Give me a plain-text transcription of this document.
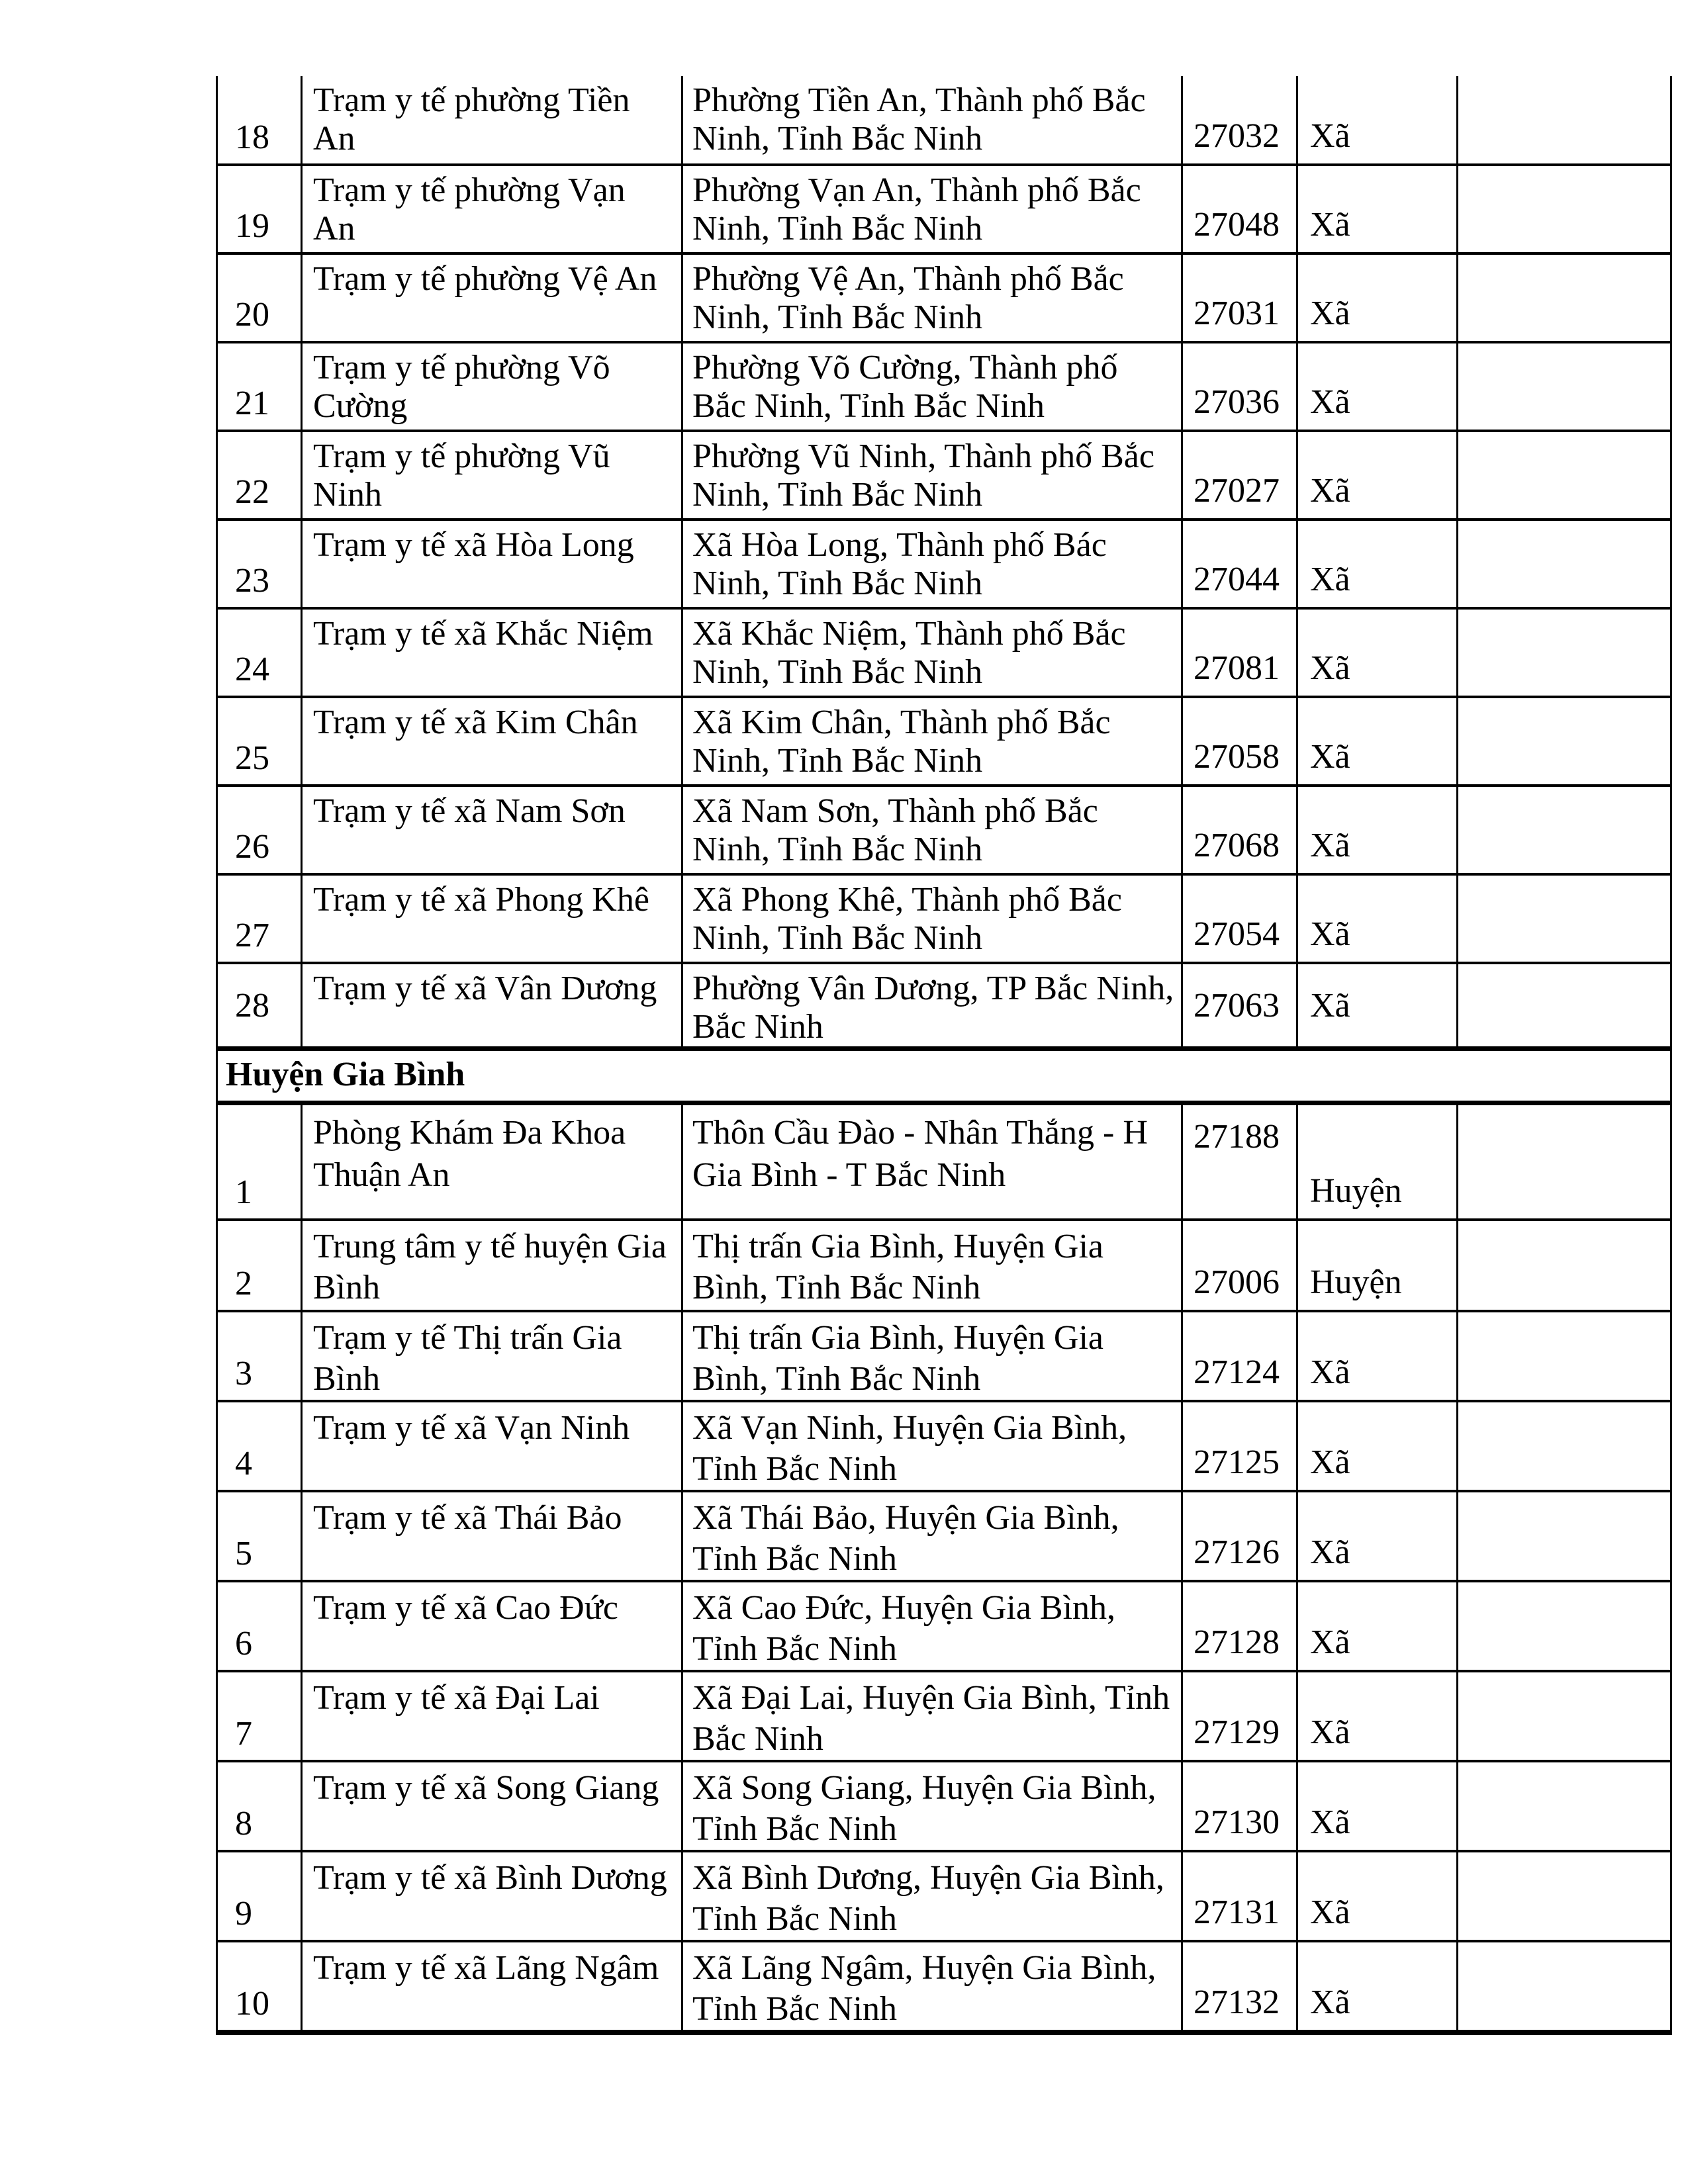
18	Trạm y tế phường Tiền An	Phường Tiền An, Thành phố Bắc Ninh, Tỉnh Bắc Ninh	27032	Xã	
19	Trạm y tế phường Vạn An	Phường Vạn An, Thành phố Bắc Ninh, Tỉnh Bắc Ninh	27048	Xã	
20	Trạm y tế phường Vệ An	Phường Vệ An, Thành phố Bắc Ninh, Tỉnh Bắc Ninh	27031	Xã	
21	Trạm y tế phường Võ Cường	Phường Võ Cường, Thành phố Bắc Ninh, Tỉnh Bắc Ninh	27036	Xã	
22	Trạm y tế phường Vũ Ninh	Phường Vũ Ninh, Thành phố Bắc Ninh, Tỉnh Bắc Ninh	27027	Xã	
23	Trạm y tế xã Hòa Long	Xã Hòa Long, Thành phố Bác Ninh, Tỉnh Bắc Ninh	27044	Xã	
24	Trạm y tế xã Khắc Niệm	Xã Khắc Niệm, Thành phố Bắc Ninh, Tỉnh Bắc Ninh	27081	Xã	
25	Trạm y tế xã Kim Chân	Xã Kim Chân, Thành phố Bắc Ninh, Tỉnh Bắc Ninh	27058	Xã	
26	Trạm y tế xã Nam Sơn	Xã Nam Sơn, Thành phố Bắc Ninh, Tỉnh Bắc Ninh	27068	Xã	
27	Trạm y tế xã Phong Khê	Xã Phong Khê, Thành phố Bắc Ninh, Tỉnh Bắc Ninh	27054	Xã	
28	Trạm y tế xã Vân Dương	Phường Vân Dương, TP Bắc Ninh, Bắc Ninh	27063	Xã	
Huyện Gia Bình					
1	Phòng Khám Đa Khoa Thuận An	Thôn Cầu Đào - Nhân Thắng - H Gia Bình - T Bắc Ninh	27188	Huyện	
2	Trung tâm y tế huyện Gia Bình	Thị trấn Gia Bình, Huyện Gia Bình, Tỉnh Bắc Ninh	27006	Huyện	
3	Trạm y tế Thị trấn Gia Bình	Thị trấn Gia Bình, Huyện Gia Bình, Tỉnh Bắc Ninh	27124	Xã	
4	Trạm y tế xã Vạn Ninh	Xã Vạn Ninh, Huyện Gia Bình, Tỉnh Bắc Ninh	27125	Xã	
5	Trạm y tế xã Thái Bảo	Xã Thái Bảo, Huyện Gia Bình, Tỉnh Bắc Ninh	27126	Xã	
6	Trạm y tế xã Cao Đức	Xã Cao Đức, Huyện Gia Bình, Tỉnh Bắc Ninh	27128	Xã	
7	Trạm y tế xã Đại Lai	Xã Đại Lai, Huyện Gia Bình, Tỉnh Bắc Ninh	27129	Xã	
8	Trạm y tế xã Song Giang	Xã Song Giang, Huyện Gia Bình, Tỉnh Bắc Ninh	27130	Xã	
9	Trạm y tế xã Bình Dương	Xã Bình Dương, Huyện Gia Bình, Tỉnh Bắc Ninh	27131	Xã	
10	Trạm y tế xã Lãng Ngâm	Xã Lãng Ngâm, Huyện Gia Bình, Tỉnh Bắc Ninh	27132	Xã	
